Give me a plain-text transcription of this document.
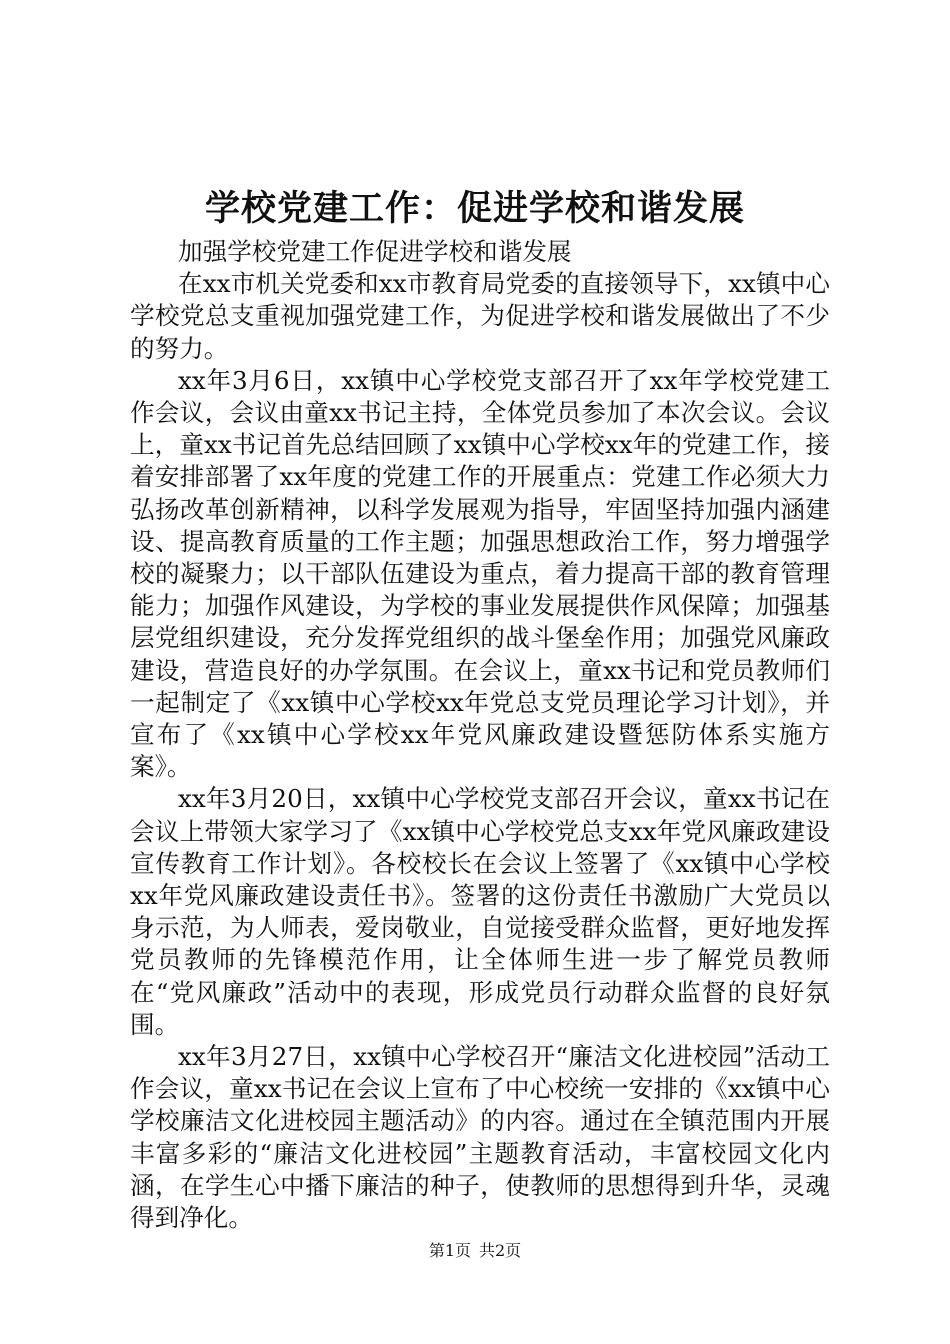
学校党建工作：促进学校和谐发展

加强学校党建工作促进学校和谐发展

在xx市机关党委和xx市教育局党委的直接领导下，xx镇中心学校党总支重视加强党建工作，为促进学校和谐发展做出了不少的努力。

xx年3月6日，xx镇中心学校党支部召开了xx年学校党建工作会议，会议由童xx书记主持，全体党员参加了本次会议。会议上，童xx书记首先总结回顾了xx镇中心学校xx年的党建工作，接着安排部署了xx年度的党建工作的开展重点：党建工作必须大力弘扬改革创新精神，以科学发展观为指导，牢固坚持加强内涵建设、提高教育质量的工作主题；加强思想政治工作，努力增强学校的凝聚力；以干部队伍建设为重点，着力提高干部的教育管理能力；加强作风建设，为学校的事业发展提供作风保障；加强基层党组织建设，充分发挥党组织的战斗堡垒作用；加强党风廉政建设，营造良好的办学氛围。在会议上，童xx书记和党员教师们一起制定了《xx镇中心学校xx年党总支党员理论学习计划》，并宣布了《xx镇中心学校xx年党风廉政建设暨惩防体系实施方案》。

xx年3月20日，xx镇中心学校党支部召开会议，童xx书记在会议上带领大家学习了《xx镇中心学校党总支xx年党风廉政建设宣传教育工作计划》。各校校长在会议上签署了《xx镇中心学校xx年党风廉政建设责任书》。签署的这份责任书激励广大党员以身示范，为人师表，爱岗敬业，自觉接受群众监督，更好地发挥党员教师的先锋模范作用，让全体师生进一步了解党员教师在“党风廉政”活动中的表现，形成党员行动群众监督的良好氛围。

xx年3月27日，xx镇中心学校召开“廉洁文化进校园”活动工作会议，童xx书记在会议上宣布了中心校统一安排的《xx镇中心学校廉洁文化进校园主题活动》的内容。通过在全镇范围内开展丰富多彩的“廉洁文化进校园”主题教育活动，丰富校园文化内涵，在学生心中播下廉洁的种子，使教师的思想得到升华，灵魂得到净化。

第1页 共2页
